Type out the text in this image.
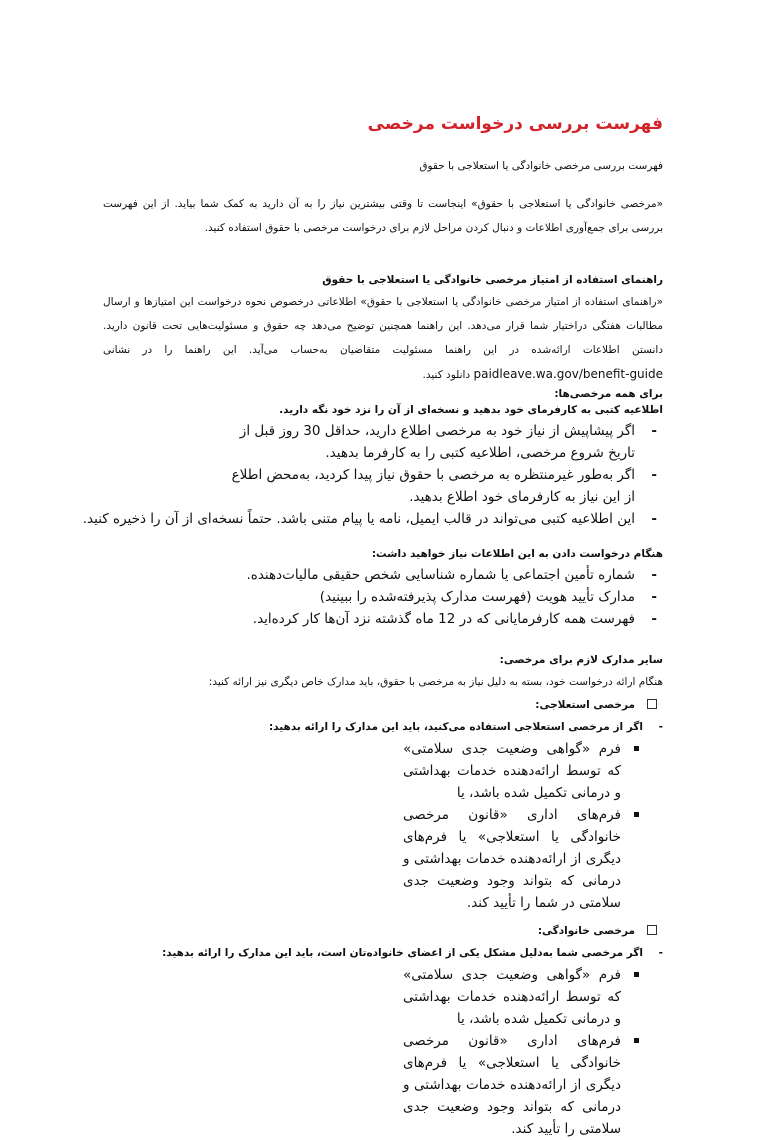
فهرست بررسی درخواست مرخصی

فهرست بررسی مرخصی خانوادگی یا استعلاجی با حقوق

«مرخصی خانوادگی یا استعلاجی با حقوق» اینجاست تا وقتی بیشترین نیاز را به آن دارید به کمک شما بیاید. از این فهرست بررسی برای جمع‌آوری اطلاعات و دنبال کردن مراحل لازم برای درخواست مرخصی با حقوق استفاده کنید.

راهنمای استفاده از امتیاز مرخصی خانوادگی یا استعلاجی با حقوق

«راهنمای استفاده از امتیاز مرخصی خانوادگی یا استعلاجی با حقوق» اطلاعاتی درخصوص نحوه درخواست این امتیازها و ارسال مطالبات هفتگی دراختیار شما قرار می‌دهد. این راهنما همچنین توضیح می‌دهد چه حقوق و مسئولیت‌هایی تحت قانون دارید. دانستن اطلاعات ارائه‌شده در این راهنما مسئولیت متقاضیان به‌حساب می‌آید. این راهنما را در نشانی paidleave.wa.gov/benefit-guide دانلود کنید.

برای همه مرخصی‌ها:

اطلاعیه کتبی به کارفرمای خود بدهید و نسخه‌ای از آن را نزد خود نگه دارید.

- اگر پیشاپیش از نیاز خود به مرخصی اطلاع دارید، حداقل 30 روز قبل از تاریخ شروع مرخصی، اطلاعیه کتبی را به کارفرما بدهید.
- اگر به‌طور غیرمنتظره به مرخصی با حقوق نیاز پیدا کردید، به‌محض اطلاع از این نیاز به کارفرمای خود اطلاع بدهید.
- این اطلاعیه کتبی می‌تواند در قالب ایمیل، نامه یا پیام متنی باشد. حتماً نسخه‌ای از آن را ذخیره کنید.

هنگام درخواست دادن به این اطلاعات نیاز خواهید داشت:

- شماره تأمین اجتماعی یا شماره شناسایی شخص حقیقی مالیات‌دهنده.
- مدارک تأیید هویت (فهرست مدارک پذیرفته‌شده را ببینید)
- فهرست همه کارفرمایانی که در 12 ماه گذشته نزد آن‌ها کار کرده‌اید.

سایر مدارک لازم برای مرخصی:

هنگام ارائه درخواست خود، بسته به دلیل نیاز به مرخصی با حقوق، باید مدارک خاص دیگری نیز ارائه کنید:

مرخصی استعلاجی:
- اگر از مرخصی استعلاجی استفاده می‌کنید، باید این مدارک را ارائه بدهید:
فرم «گواهی وضعیت جدی سلامتی» که توسط ارائه‌دهنده خدمات بهداشتی و درمانی تکمیل شده باشد، یا
فرم‌های اداری «قانون مرخصی خانوادگی یا استعلاجی» یا فرم‌های دیگری از ارائه‌دهنده خدمات بهداشتی و درمانی که بتواند وجود وضعیت جدی سلامتی در شما را تأیید کند.
مرخصی خانوادگی:
- اگر مرخصی شما به‌دلیل مشکل یکی از اعضای خانواده‌تان است، باید این مدارک را ارائه بدهید:
فرم «گواهی وضعیت جدی سلامتی» که توسط ارائه‌دهنده خدمات بهداشتی و درمانی تکمیل شده باشد، یا
فرم‌های اداری «قانون مرخصی خانوادگی یا استعلاجی» یا فرم‌های دیگری از ارائه‌دهنده خدمات بهداشتی و درمانی که بتواند وجود وضعیت جدی سلامتی را تأیید کند.
